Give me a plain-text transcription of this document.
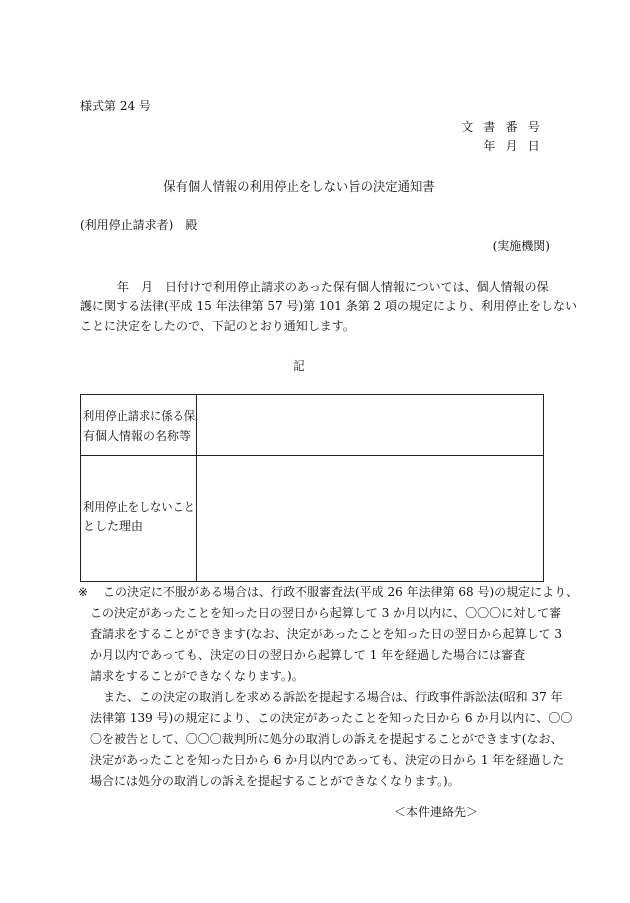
様式第 24 号
文書番号
年月日
保有個人情報の利用停止をしない旨の決定通知書
(利用停止請求者)　殿
(実施機関)
年　月　日付けで利用停止請求のあった保有個人情報については、個人情報の保
護に関する法律(平成 15 年法律第 57 号)第 101 条第 2 項の規定により、利用停止をしない
ことに決定をしたので、下記のとおり通知します。
記
利用停止請求に係る保
有個人情報の名称等
利用停止をしないこと
とした理由
※ この決定に不服がある場合は、行政不服審査法(平成 26 年法律第 68 号)の規定により、
この決定があったことを知った日の翌日から起算して 3 か月以内に、〇〇〇に対して審
査請求をすることができます(なお、決定があったことを知った日の翌日から起算して 3
か月以内であっても、決定の日の翌日から起算して 1 年を経過した場合には審査
請求をすることができなくなります。)。
また、この決定の取消しを求める訴訟を提起する場合は、行政事件訴訟法(昭和 37 年
法律第 139 号)の規定により、この決定があったことを知った日から 6 か月以内に、〇〇
〇を被告として、〇〇〇裁判所に処分の取消しの訴えを提起することができます(なお、
決定があったことを知った日から 6 か月以内であっても、決定の日から 1 年を経過した
場合には処分の取消しの訴えを提起することができなくなります。)。
＜本件連絡先＞
